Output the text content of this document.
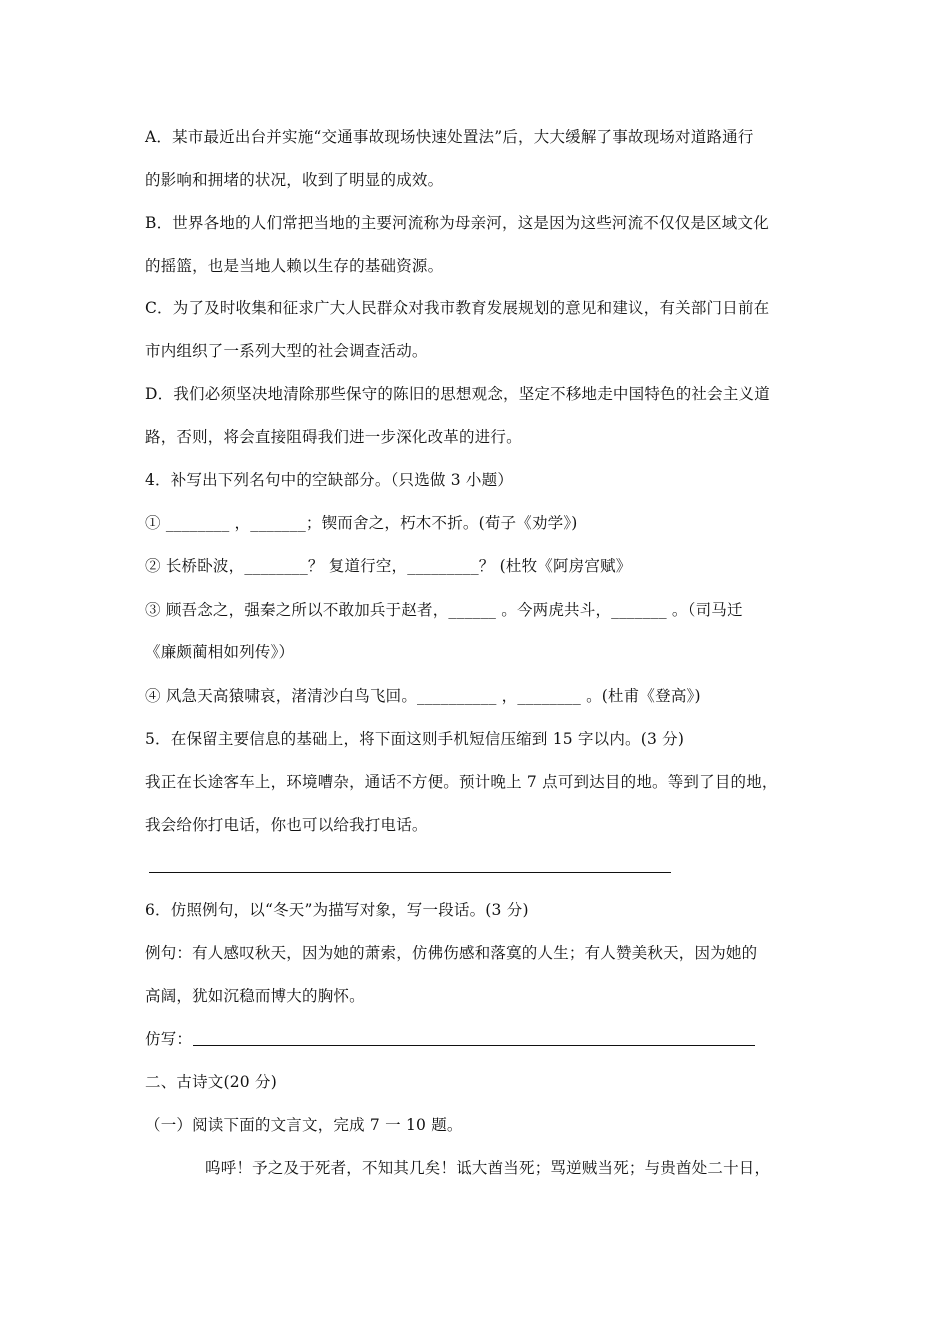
A．某市最近出台并实施“交通事故现场快速处置法”后，大大缓解了事故现场对道路通行
的影响和拥堵的状况，收到了明显的成效。
B．世界各地的人们常把当地的主要河流称为母亲河，这是因为这些河流不仅仅是区域文化
的摇篮，也是当地人赖以生存的基础资源。
C．为了及时收集和征求广大人民群众对我市教育发展规划的意见和建议，有关部门日前在
市内组织了一系列大型的社会调查活动。
D．我们必须坚决地清除那些保守的陈旧的思想观念，坚定不移地走中国特色的社会主义道
路，否则，将会直接阻碍我们进一步深化改革的进行。
4．补写出下列名句中的空缺部分。（只选做 3 小题）
① ________ ，_______；锲而舍之，朽木不折。(荀子《劝学》)
② 长桥卧波，________？ 复道行空，_________？ (杜牧《阿房宫赋》
③ 顾吾念之，强秦之所以不敢加兵于赵者，______ 。今两虎共斗，_______ 。（司马迁
《廉颇蔺相如列传》）
④ 风急天高猿啸哀，渚清沙白鸟飞回。__________ ，________ 。(杜甫《登高》)
5．在保留主要信息的基础上，将下面这则手机短信压缩到 15 字以内。(3 分)
我正在长途客车上，环境嘈杂，通话不方便。预计晚上 7 点可到达目的地。等到了目的地，
我会给你打电话，你也可以给我打电话。
6．仿照例句，以“冬天”为描写对象，写一段话。(3 分)
例句：有人感叹秋天，因为她的萧索，仿佛伤感和落寞的人生；有人赞美秋天，因为她的
高阔，犹如沉稳而博大的胸怀。
仿写：
二、古诗文(20 分)
（一）阅读下面的文言文，完成 7 一 10 题。
呜呼！予之及于死者，不知其几矣！诋大酋当死；骂逆贼当死；与贵酋处二十日，
